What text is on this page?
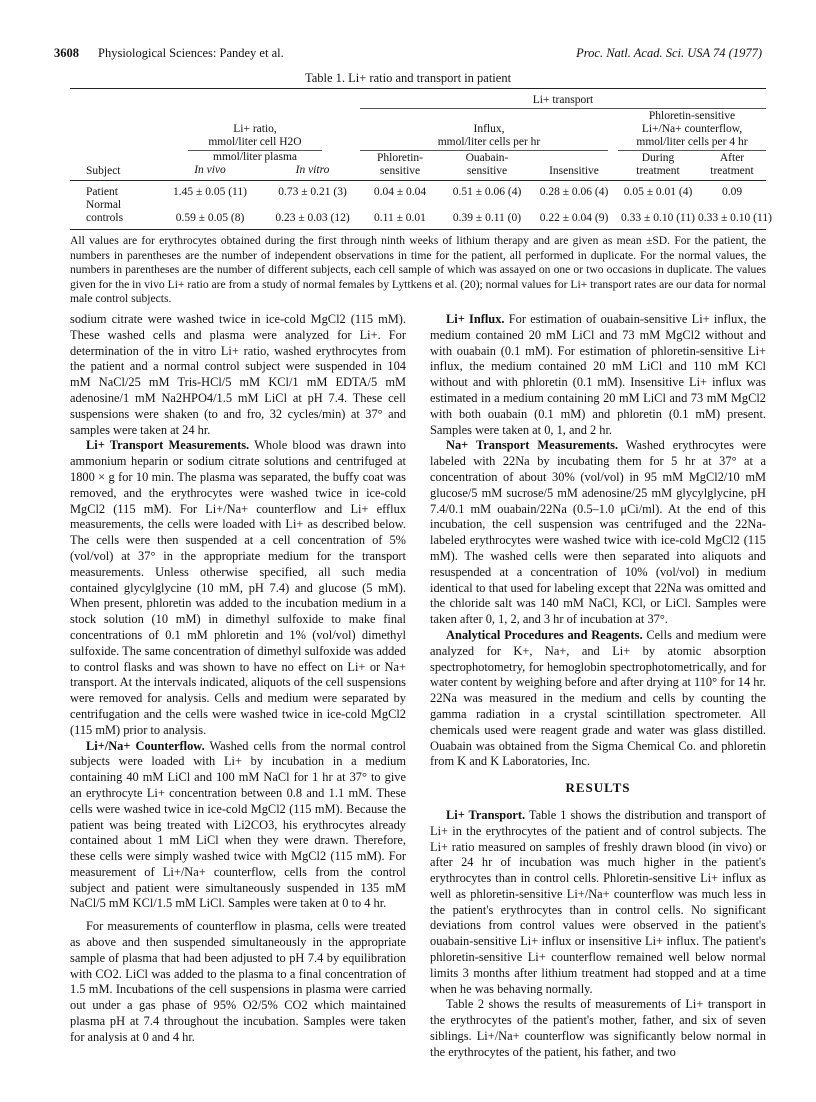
3608 Physiological Sciences: Pandey et al.	Proc. Natl. Acad. Sci. USA 74 (1977)
Table 1. Li+ ratio and transport in patient
Li+ transport
Phloretin-sensitive
Li+/Na+ counterflow,
mmol/liter cells per 4 hr
Li+ ratio,
mmol/liter cell H2O
mmol/liter plasma
Influx,
mmol/liter cells per hr
Phloretin-
sensitive
Ouabain-
sensitive	Insensitive
During
treatment
After
treatment
Subject	In vivo	In vitro
Patient	1.45 ± 0.05 (11)	0.73 ± 0.21 (3)	0.04 ± 0.04	0.51 ± 0.06 (4)	0.28 ± 0.06 (4)	0.05 ± 0.01 (4)	0.09
Normal
controls	0.59 ± 0.05 (8)	0.23 ± 0.03 (12)	0.11 ± 0.01	0.39 ± 0.11 (0)	0.22 ± 0.04 (9)	0.33 ± 0.10 (11) 0.33 ± 0.10 (11)
All values are for erythrocytes obtained during the first through ninth weeks of lithium therapy and are given as mean ±SD. For the patient, the numbers in parentheses are the number of independent observations in time for the patient, all performed in duplicate. For the normal values, the numbers in parentheses are the number of different subjects, each cell sample of which was assayed on one or two occasions in duplicate. The values given for the in vivo Li+ ratio are from a study of normal females by Lyttkens et al. (20); normal values for Li+ transport rates are our data for normal male control subjects.

sodium citrate were washed twice in ice-cold MgCl2 (115 mM). These washed cells and plasma were analyzed for Li+. For determination of the in vitro Li+ ratio, washed erythrocytes from the patient and a normal control subject were suspended in 104 mM NaCl/25 mM Tris-HCl/5 mM KCl/1 mM EDTA/5 mM adenosine/1 mM Na2HPO4/1.5 mM LiCl at pH 7.4. These cell suspensions were shaken (to and fro, 32 cycles/min) at 37° and samples were taken at 24 hr.

Li+ Transport Measurements. Whole blood was drawn into ammonium heparin or sodium citrate solutions and centrifuged at 1800 × g for 10 min. The plasma was separated, the buffy coat was removed, and the erythrocytes were washed twice in ice-cold MgCl2 (115 mM). For Li+/Na+ counterflow and Li+ efflux measurements, the cells were loaded with Li+ as described below. The cells were then suspended at a cell concentration of 5% (vol/vol) at 37° in the appropriate medium for the transport measurements. Unless otherwise specified, all such media contained glycylglycine (10 mM, pH 7.4) and glucose (5 mM). When present, phloretin was added to the incubation medium in a stock solution (10 mM) in dimethyl sulfoxide to make final concentrations of 0.1 mM phloretin and 1% (vol/vol) dimethyl sulfoxide. The same concentration of dimethyl sulfoxide was added to control flasks and was shown to have no effect on Li+ or Na+ transport. At the intervals indicated, aliquots of the cell suspensions were removed for analysis. Cells and medium were separated by centrifugation and the cells were washed twice in ice-cold MgCl2 (115 mM) prior to analysis.

Li+/Na+ Counterflow. Washed cells from the normal control subjects were loaded with Li+ by incubation in a medium containing 40 mM LiCl and 100 mM NaCl for 1 hr at 37° to give an erythrocyte Li+ concentration between 0.8 and 1.1 mM. These cells were washed twice in ice-cold MgCl2 (115 mM). Because the patient was being treated with Li2CO3, his erythrocytes already contained about 1 mM LiCl when they were drawn. Therefore, these cells were simply washed twice with MgCl2 (115 mM). For measurement of Li+/Na+ counterflow, cells from the control subject and patient were simultaneously suspended in 135 mM NaCl/5 mM KCl/1.5 mM LiCl. Samples were taken at 0 to 4 hr.

For measurements of counterflow in plasma, cells were treated as above and then suspended simultaneously in the appropriate sample of plasma that had been adjusted to pH 7.4 by equilibration with CO2. LiCl was added to the plasma to a final concentration of 1.5 mM. Incubations of the cell suspensions in plasma were carried out under a gas phase of 95% O2/5% CO2 which maintained plasma pH at 7.4 throughout the incubation. Samples were taken for analysis at 0 and 4 hr.

Li+ Influx. For estimation of ouabain-sensitive Li+ influx, the medium contained 20 mM LiCl and 73 mM MgCl2 without and with ouabain (0.1 mM). For estimation of phloretin-sensitive Li+ influx, the medium contained 20 mM LiCl and 110 mM KCl without and with phloretin (0.1 mM). Insensitive Li+ influx was estimated in a medium containing 20 mM LiCl and 73 mM MgCl2 with both ouabain (0.1 mM) and phloretin (0.1 mM) present. Samples were taken at 0, 1, and 2 hr.

Na+ Transport Measurements. Washed erythrocytes were labeled with 22Na by incubating them for 5 hr at 37° at a concentration of about 30% (vol/vol) in 95 mM MgCl2/10 mM glucose/5 mM sucrose/5 mM adenosine/25 mM glycylglycine, pH 7.4/0.1 mM ouabain/22Na (0.5–1.0 μCi/ml). At the end of this incubation, the cell suspension was centrifuged and the 22Na-labeled erythrocytes were washed twice with ice-cold MgCl2 (115 mM). The washed cells were then separated into aliquots and resuspended at a concentration of 10% (vol/vol) in medium identical to that used for labeling except that 22Na was omitted and the chloride salt was 140 mM NaCl, KCl, or LiCl. Samples were taken after 0, 1, 2, and 3 hr of incubation at 37°.

Analytical Procedures and Reagents. Cells and medium were analyzed for K+, Na+, and Li+ by atomic absorption spectrophotometry, for hemoglobin spectrophotometrically, and for water content by weighing before and after drying at 110° for 14 hr. 22Na was measured in the medium and cells by counting the gamma radiation in a crystal scintillation spectrometer. All chemicals used were reagent grade and water was glass distilled. Ouabain was obtained from the Sigma Chemical Co. and phloretin from K and K Laboratories, Inc.

RESULTS

Li+ Transport. Table 1 shows the distribution and transport of Li+ in the erythrocytes of the patient and of control subjects. The Li+ ratio measured on samples of freshly drawn blood (in vivo) or after 24 hr of incubation was much higher in the patient's erythrocytes than in control cells. Phloretin-sensitive Li+ influx as well as phloretin-sensitive Li+/Na+ counterflow was much less in the patient's erythrocytes than in control cells. No significant deviations from control values were observed in the patient's ouabain-sensitive Li+ influx or insensitive Li+ influx. The patient's phloretin-sensitive Li+ counterflow remained well below normal limits 3 months after lithium treatment had stopped and at a time when he was behaving normally.

Table 2 shows the results of measurements of Li+ transport in the erythrocytes of the patient's mother, father, and six of seven siblings. Li+/Na+ counterflow was significantly below normal in the erythrocytes of the patient, his father, and two
